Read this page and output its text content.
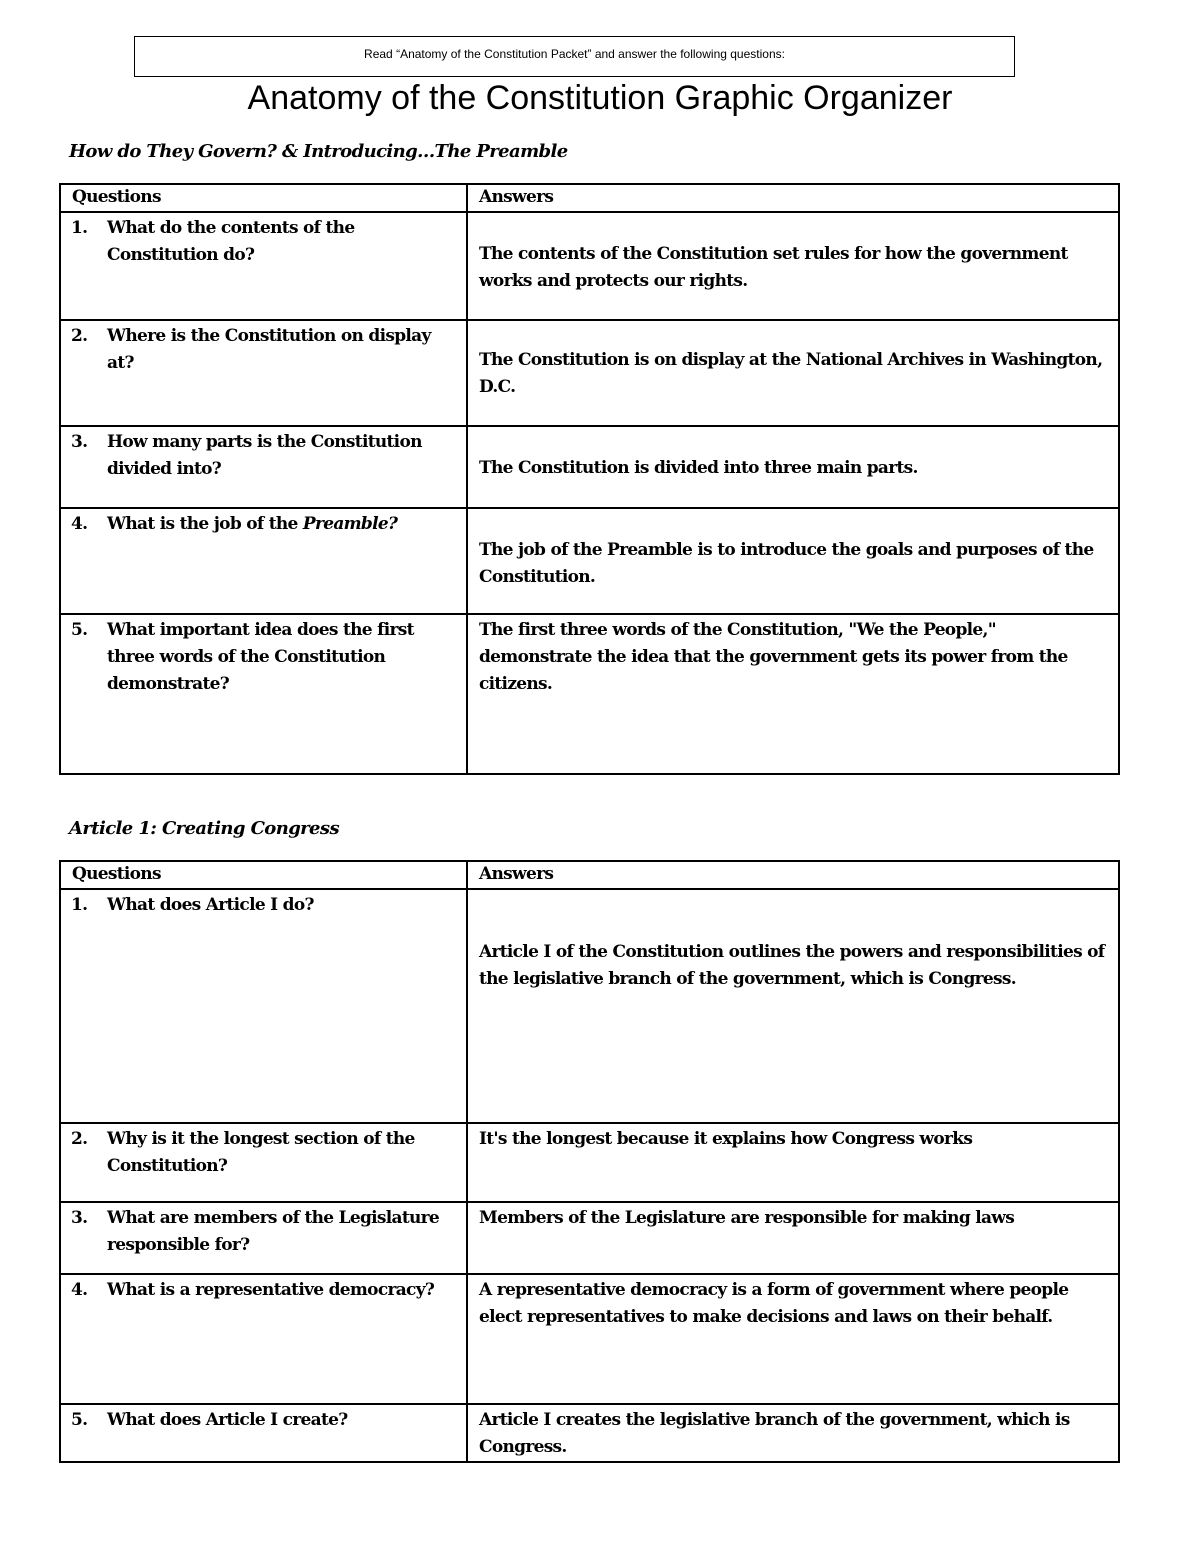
Read “Anatomy of the Constitution Packet” and answer the following questions:
Anatomy of the Constitution Graphic Organizer
How do They Govern? & Introducing…The Preamble
Questions	Answers

1. What do the contents of the Constitution do?	The contents of the Constitution set rules for how the government works and protects our rights.

2. Where is the Constitution on display at?	The Constitution is on display at the National Archives in Washington, D.C.

3. How many parts is the Constitution divided into?	The Constitution is divided into three main parts.

4. What is the job of the Preamble?	The job of the Preamble is to introduce the goals and purposes of the Constitution.

5. What important idea does the first three words of the Constitution demonstrate?	The first three words of the Constitution, "We the People," demonstrate the idea that the government gets its power from the citizens.
Article 1: Creating Congress
Questions	Answers

1. What does Article I do?	Article I of the Constitution outlines the powers and responsibilities of the legislative branch of the government, which is Congress.

2. Why is it the longest section of the Constitution?	It's the longest because it explains how Congress works

3. What are members of the Legislature responsible for?	Members of the Legislature are responsible for making laws

4. What is a representative democracy?	A representative democracy is a form of government where people elect representatives to make decisions and laws on their behalf.

5. What does Article I create?	Article I creates the legislative branch of the government, which is Congress.
